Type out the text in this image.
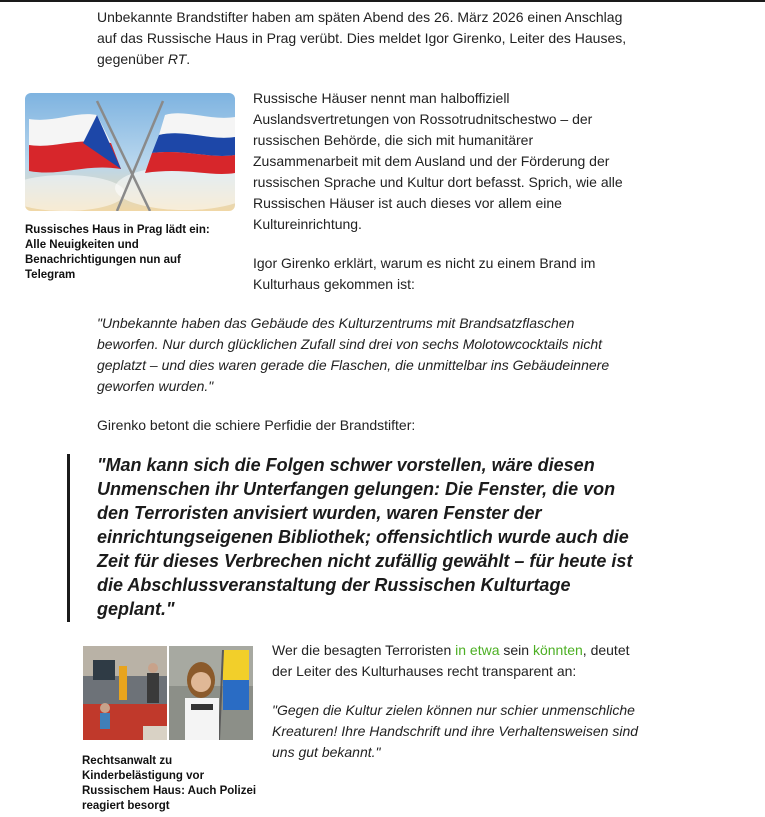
Unbekannte Brandstifter haben am späten Abend des 26. März 2026 einen Anschlag auf das Russische Haus in Prag verübt. Dies meldet Igor Girenko, Leiter des Hauses, gegenüber RT.

Russisches Haus in Prag lädt ein: Alle Neuigkeiten und Benachrichtigungen nun auf Telegram

Russische Häuser nennt man halboffiziell Auslandsvertretungen von Rossotrudnitschestwo – der russischen Behörde, die sich mit humanitärer Zusammenarbeit mit dem Ausland und der Förderung der russischen Sprache und Kultur dort befasst. Sprich, wie alle Russischen Häuser ist auch dieses vor allem eine Kultureinrichtung.

Igor Girenko erklärt, warum es nicht zu einem Brand im Kulturhaus gekommen ist:

"Unbekannte haben das Gebäude des Kulturzentrums mit Brandsatzflaschen beworfen. Nur durch glücklichen Zufall sind drei von sechs Molotowcocktails nicht geplatzt – und dies waren gerade die Flaschen, die unmittelbar ins Gebäudeinnere geworfen wurden."

Girenko betont die schiere Perfidie der Brandstifter:

"Man kann sich die Folgen schwer vorstellen, wäre diesen Unmenschen ihr Unterfangen gelungen: Die Fenster, die von den Terroristen anvisiert wurden, waren Fenster der einrichtungseigenen Bibliothek; offensichtlich wurde auch die Zeit für dieses Verbrechen nicht zufällig gewählt – für heute ist die Abschlussveranstaltung der Russischen Kulturtage geplant."

Rechtsanwalt zu Kinderbelästigung vor Russischem Haus: Auch Polizei reagiert besorgt

Wer die besagten Terroristen in etwa sein könnten, deutet der Leiter des Kulturhauses recht transparent an:

"Gegen die Kultur zielen können nur schier unmenschliche Kreaturen! Ihre Handschrift und ihre Verhaltensweisen sind uns gut bekannt."
